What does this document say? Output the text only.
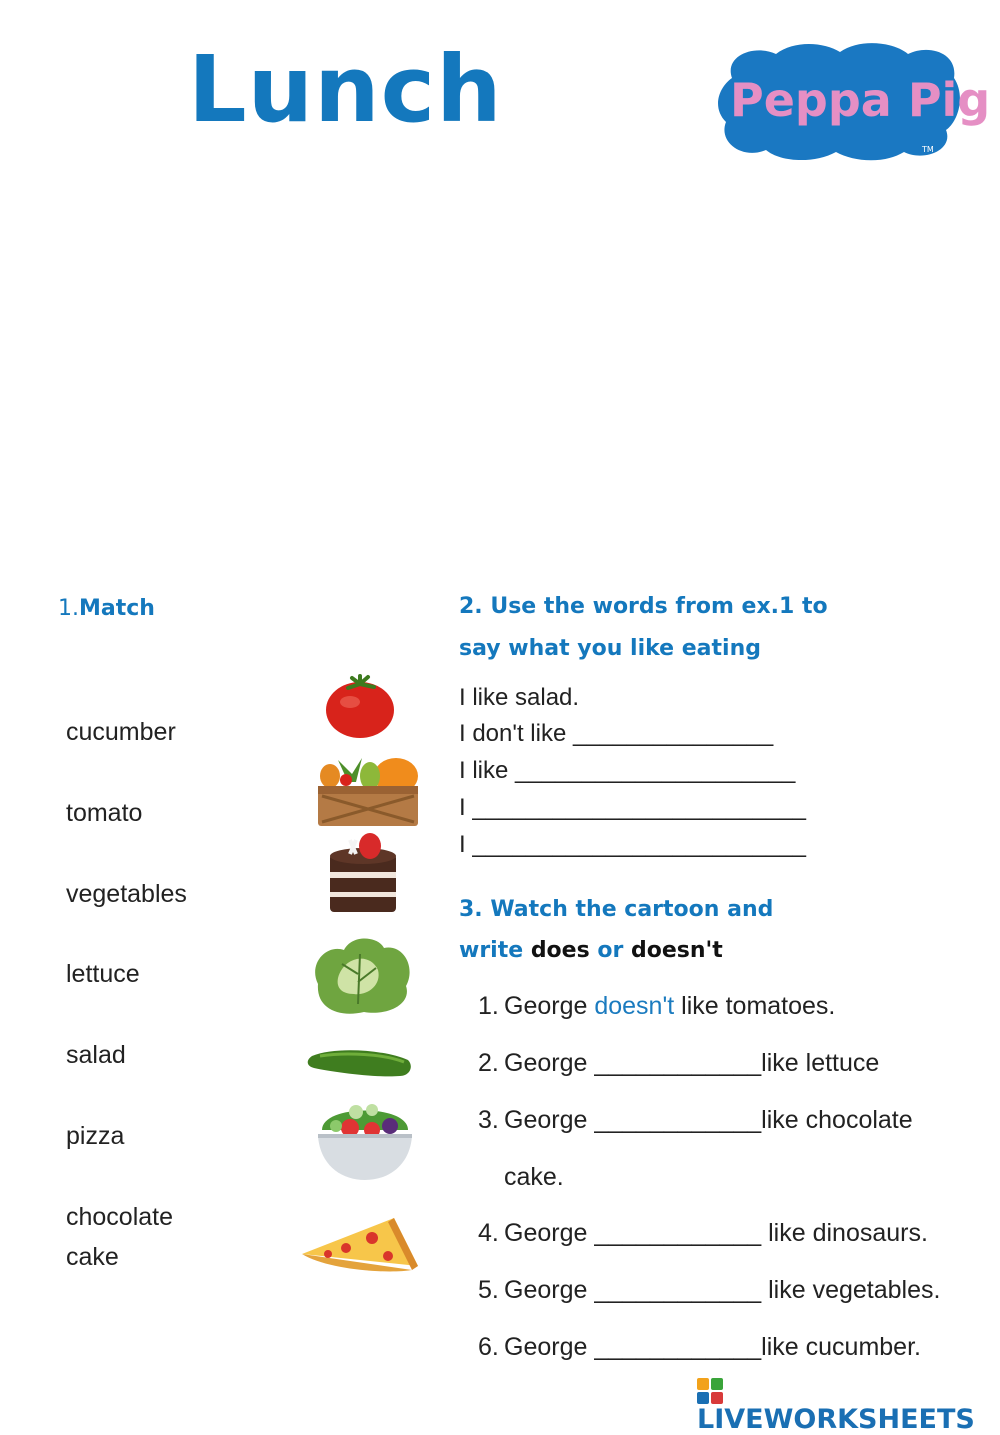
Lunch	Peppa Pig
TM
1.Match
cucumber
tomato
vegetables
lettuce
salad
pizza
chocolate
cake
2. Use the words from ex.1 to
say what you like eating
I like salad.
I don't like _______________
I like _____________________
I _________________________
I _________________________
3. Watch the cartoon and
write does or doesn't
1. George doesn't like tomatoes.
2. George ____________like lettuce
3. George ____________like chocolate
cake.
4. George ____________ like dinosaurs.
5. George ____________ like vegetables.
6. George ____________like cucumber.
LIVEWORKSHEETS
